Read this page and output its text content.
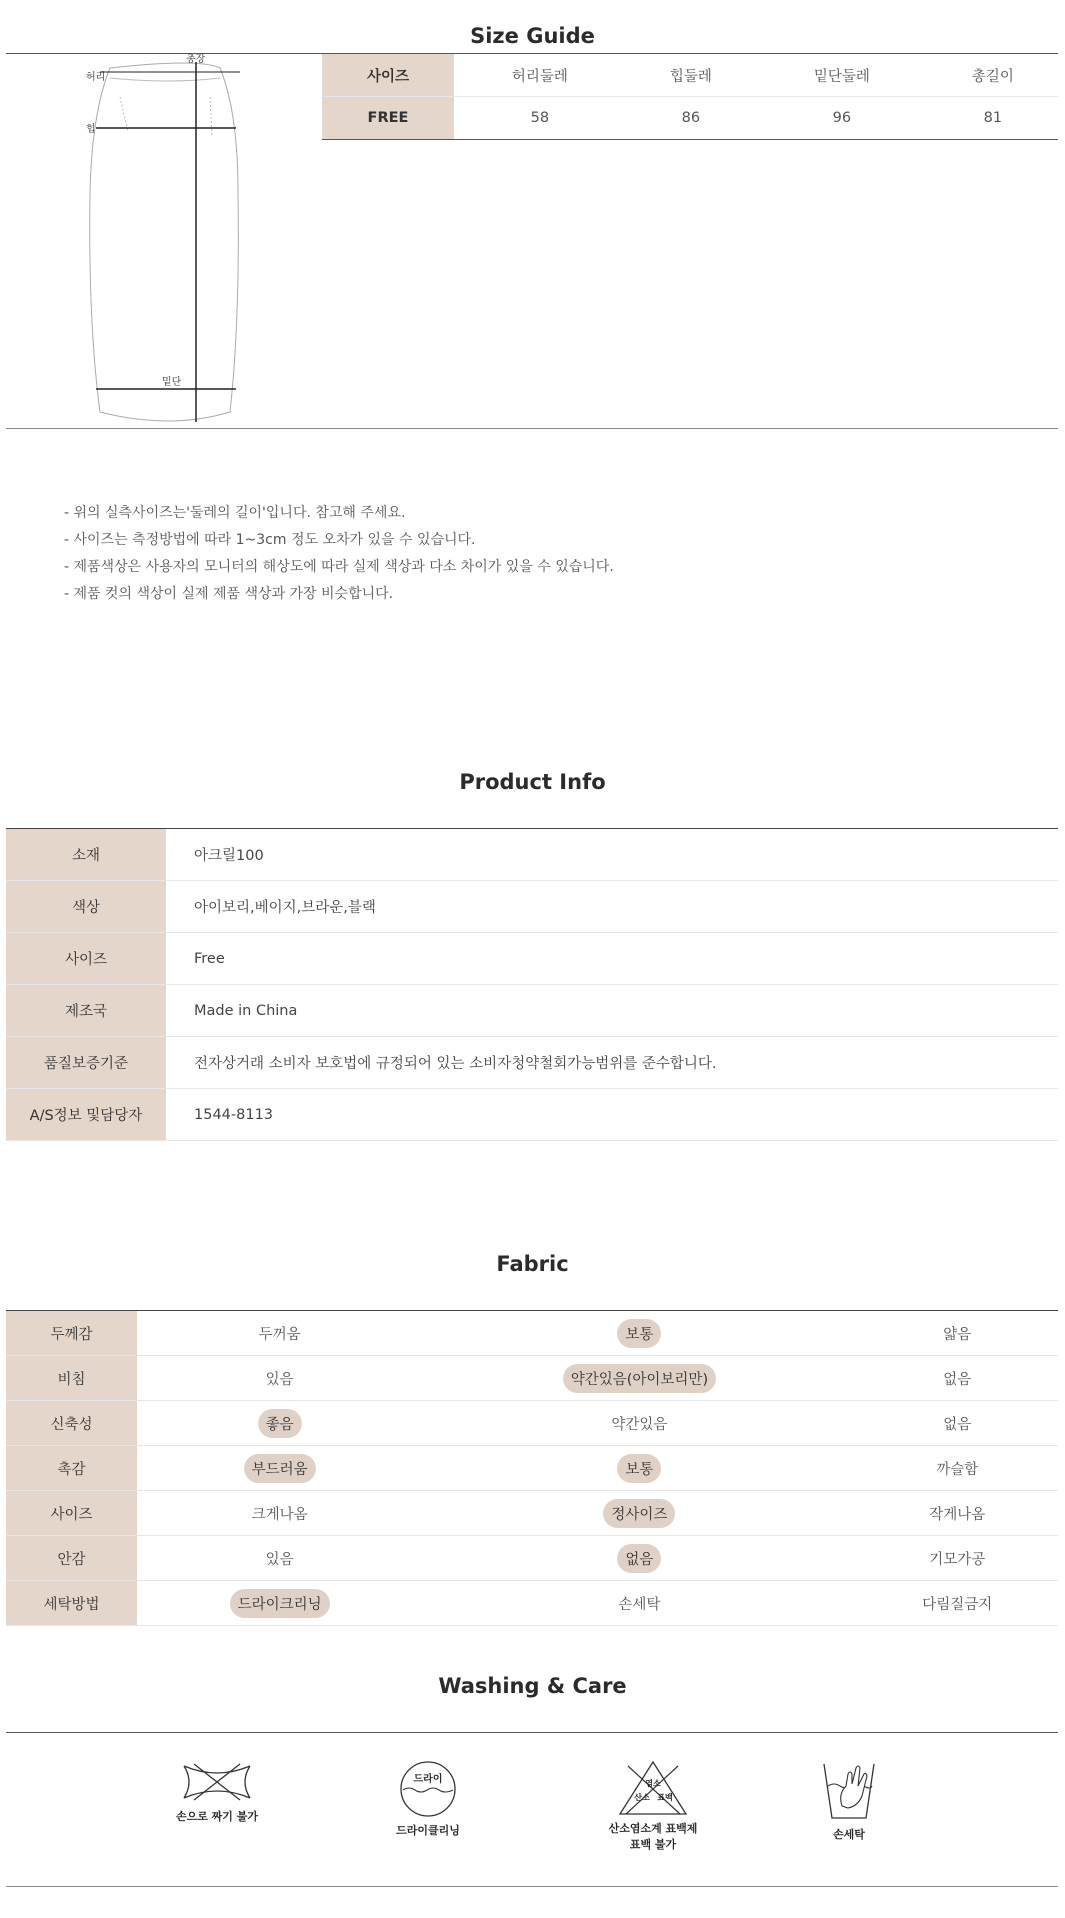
Size Guide
총장
허리
힙
밑단
사이즈	허리둘레	힙둘레	밑단둘레	총길이
FREE	58	86	96	81
- 위의 실측사이즈는'둘레의 길이'입니다. 참고해 주세요.
- 사이즈는 측정방법에 따라 1~3cm 정도 오차가 있을 수 있습니다.
- 제품색상은 사용자의 모니터의 해상도에 따라 실제 색상과 다소 차이가 있을 수 있습니다.
- 제품 컷의 색상이 실제 제품 색상과 가장 비슷합니다.
Product Info
소재	아크릴100
색상	아이보리,베이지,브라운,블랙
사이즈	Free
제조국	Made in China
품질보증기준	전자상거래 소비자 보호법에 규정되어 있는 소비자청약철회가능범위를 준수합니다.
A/S정보 및담당자	1544-8113
Fabric
두께감	두꺼움	보통	얇음
비침	있음	약간있음(아이보리만)	없음
신축성	좋음	약간있음	없음
촉감	부드러움	보통	까슬함
사이즈	크게나옴	정사이즈	작게나옴
안감	있음	없음	기모가공
세탁방법	드라이크리닝	손세탁	다림질금지
Washing & Care
손으로 짜기 불가
드라이
드라이클리닝
염소
산소 표백
산소염소계 표백제
표백 불가
손세탁
